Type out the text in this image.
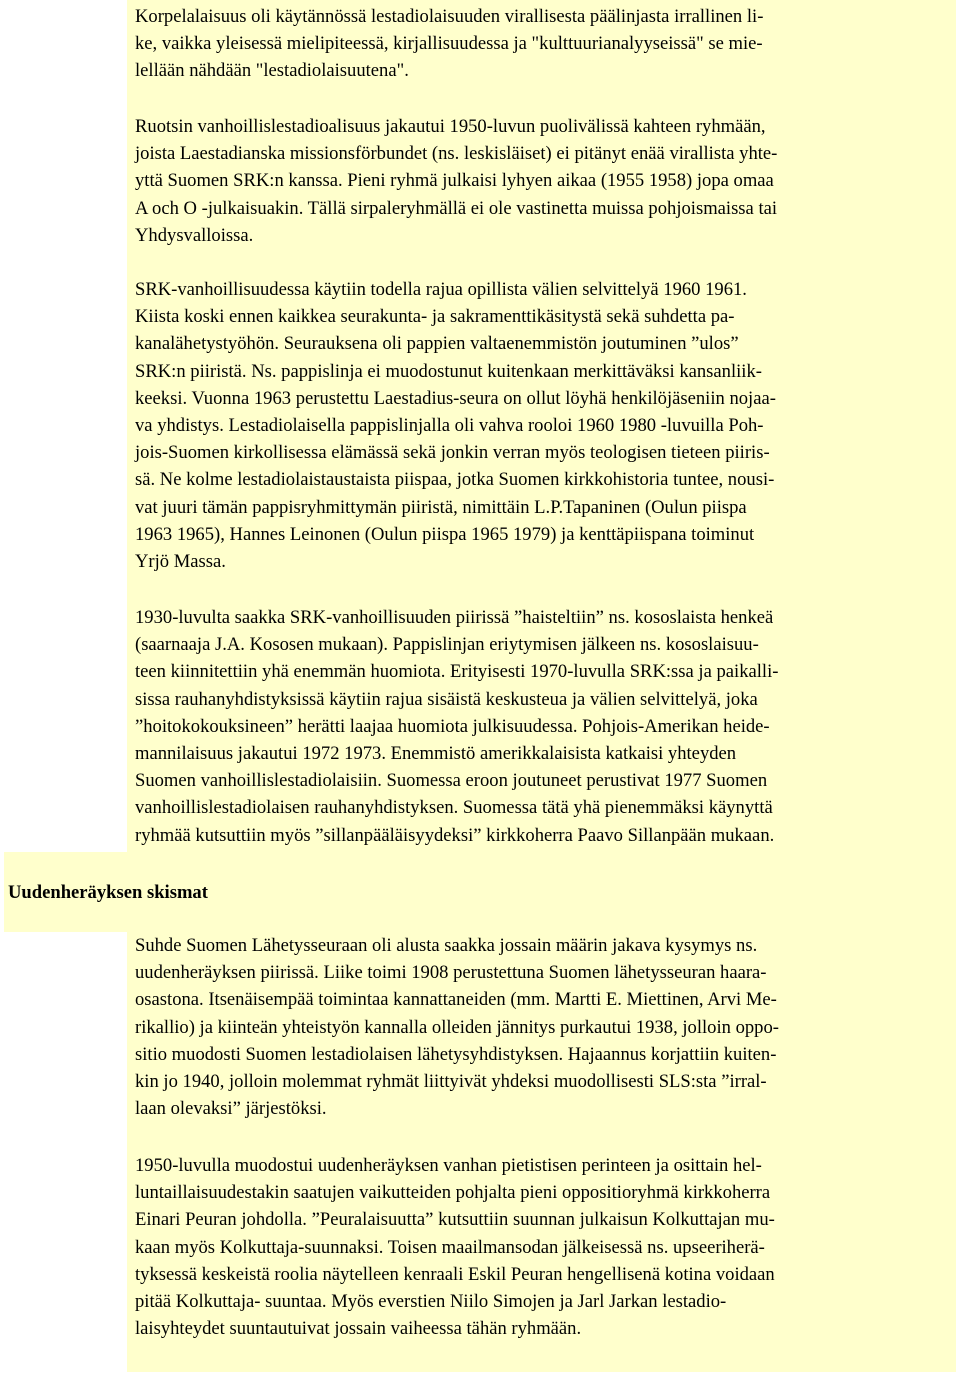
Uudenheräyksen skismat
Korpelalaisuus oli käytännössä lestadiolaisuuden virallisesta päälinjasta irrallinen li-
ke, vaikka yleisessä mielipiteessä, kirjallisuudessa ja "kulttuurianalyyseissä" se mie-
lellään nähdään "lestadiolaisuutena".
Ruotsin vanhoillislestadioalisuus jakautui 1950-luvun puolivälissä kahteen ryhmään,
joista Laestadianska missionsförbundet (ns. leskisläiset) ei pitänyt enää virallista yhte-
yttä Suomen SRK:n kanssa. Pieni ryhmä julkaisi lyhyen aikaa (1955 1958) jopa omaa
A och O -julkaisuakin. Tällä sirpaleryhmällä ei ole vastinetta muissa pohjoismaissa tai
Yhdysvalloissa.
SRK-vanhoillisuudessa käytiin todella rajua opillista välien selvittelyä 1960 1961.
Kiista koski ennen kaikkea seurakunta- ja sakramenttikäsitystä sekä suhdetta pa-
kanalähetystyöhön. Seurauksena oli pappien valtaenemmistön joutuminen ˮulosˮ
SRK:n piiristä. Ns. pappislinja ei muodostunut kuitenkaan merkittäväksi kansanliik-
keeksi. Vuonna 1963 perustettu Laestadius-seura on ollut löyhä henkilöjäseniin nojaa-
va yhdistys. Lestadiolaisella pappislinjalla oli vahva rooloi 1960 1980 -luvuilla Poh-
jois-Suomen kirkollisessa elämässä sekä jonkin verran myös teologisen tieteen piiris-
sä. Ne kolme lestadiolaistaustaista piispaa, jotka Suomen kirkkohistoria tuntee, nousi-
vat juuri tämän pappisryhmittymän piiristä, nimittäin L.P.Tapaninen (Oulun piispa
1963 1965), Hannes Leinonen (Oulun piispa 1965 1979) ja kenttäpiispana toiminut
Yrjö Massa.
1930-luvulta saakka SRK-vanhoillisuuden piirissä ˮhaisteltiinˮ ns. kososlaista henkeä
(saarnaaja J.A. Kososen mukaan). Pappislinjan eriytymisen jälkeen ns. kososlaisuu-
teen kiinnitettiin yhä enemmän huomiota. Erityisesti 1970-luvulla SRK:ssa ja paikalli-
sissa rauhanyhdistyksissä käytiin rajua sisäistä keskusteua ja välien selvittelyä, joka
ˮhoitokokouksineenˮ herätti laajaa huomiota julkisuudessa. Pohjois-Amerikan heide-
mannilaisuus jakautui 1972 1973. Enemmistö amerikkalaisista katkaisi yhteyden
Suomen vanhoillislestadiolaisiin. Suomessa eroon joutuneet perustivat 1977 Suomen
vanhoillislestadiolaisen rauhanyhdistyksen. Suomessa tätä yhä pienemmäksi käynyttä
ryhmää kutsuttiin myös ˮsillanpääläisyydeksiˮ kirkkoherra Paavo Sillanpään mukaan.
Suhde Suomen Lähetysseuraan oli alusta saakka jossain määrin jakava kysymys ns.
uudenheräyksen piirissä. Liike toimi 1908 perustettuna Suomen lähetysseuran haara-
osastona. Itsenäisempää toimintaa kannattaneiden (mm. Martti E. Miettinen, Arvi Me-
rikallio) ja kiinteän yhteistyön kannalla olleiden jännitys purkautui 1938, jolloin oppo-
sitio muodosti Suomen lestadiolaisen lähetysyhdistyksen. Hajaannus korjattiin kuiten-
kin jo 1940, jolloin molemmat ryhmät liittyivät yhdeksi muodollisesti SLS:sta ˮirral-
laan olevaksiˮ järjestöksi.
1950-luvulla muodostui uudenheräyksen vanhan pietistisen perinteen ja osittain hel-
luntaillaisuudestakin saatujen vaikutteiden pohjalta pieni oppositioryhmä kirkkoherra
Einari Peuran johdolla. ˮPeuralaisuuttaˮ kutsuttiin suunnan julkaisun Kolkuttajan mu-
kaan myös Kolkuttaja-suunnaksi. Toisen maailmansodan jälkeisessä ns. upseeriherä-
tyksessä keskeistä roolia näytelleen kenraali Eskil Peuran hengellisenä kotina voidaan
pitää Kolkuttaja- suuntaa. Myös everstien Niilo Simojen ja Jarl Jarkan lestadio-
laisyhteydet suuntautuivat jossain vaiheessa tähän ryhmään.
